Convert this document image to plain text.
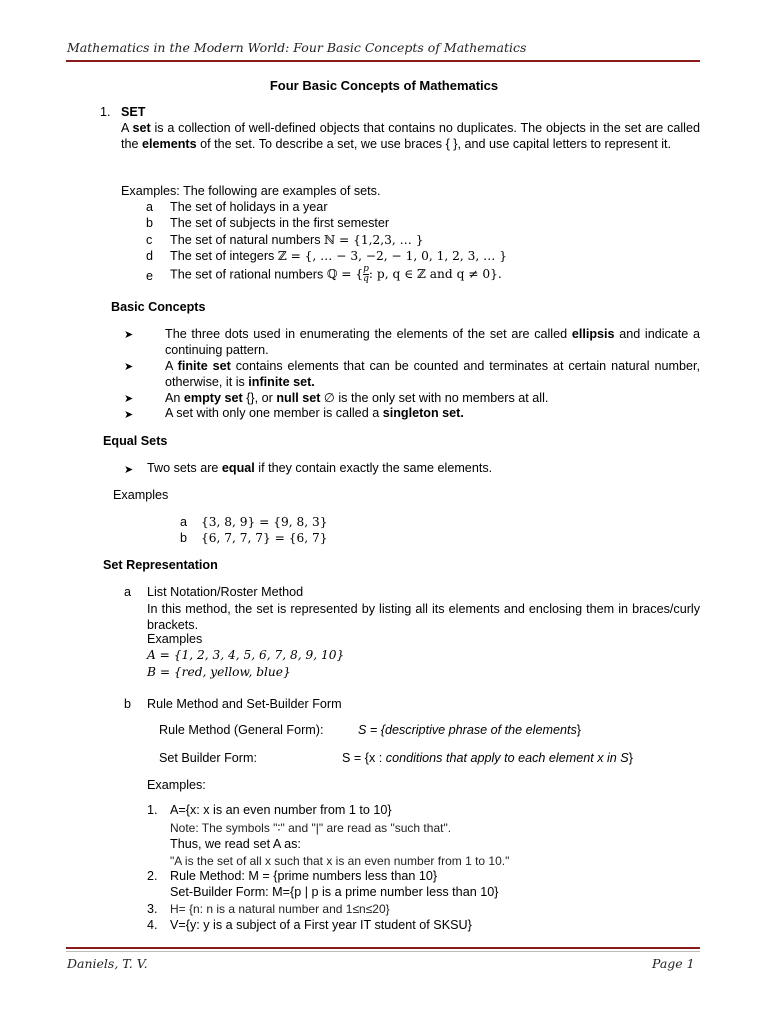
Mathematics in the Modern World: Four Basic Concepts of Mathematics
Four Basic Concepts of Mathematics
1. SET
A set is a collection of well-defined objects that contains no duplicates. The objects in the set are called the elements of the set. To describe a set, we use braces { }, and use capital letters to represent it.
Examples: The following are examples of sets.
a The set of holidays in a year
b The set of subjects in the first semester
c The set of natural numbers ℕ = {1,2,3, … }
d The set of integers ℤ = {, … − 3, −2, − 1, 0, 1, 2, 3, … }
e The set of rational numbers ℚ = { $\frac{p}{q}$ : p, q ∈ ℤ and q ≠ 0}.
Basic Concepts
➤	The three dots used in enumerating the elements of the set are called ellipsis and indicate a continuing pattern.
➤	A finite set contains elements that can be counted and terminates at certain natural number, otherwise, it is infinite set.
➤	An empty set {}, or null set ∅ is the only set with no members at all.
➤	A set with only one member is called a singleton set.
Equal Sets
➤ Two sets are equal if they contain exactly the same elements.
Examples
a {3, 8, 9} = {9, 8, 3}
b {6, 7, 7, 7} = {6, 7}
Set Representation
a List Notation/Roster Method
In this method, the set is represented by listing all its elements and enclosing them in braces/curly brackets.
Examples
A = {1, 2, 3, 4, 5, 6, 7, 8, 9, 10}
B = {red, yellow, blue}
b Rule Method and Set-Builder Form
Rule Method (General Form):	S = {descriptive phrase of the elements}
Set Builder Form:	S = {x : conditions that apply to each element x in S}
Examples:
1. A={x: x is an even number from 1 to 10}
Note: The symbols "∶" and "|" are read as "such that".
Thus, we read set A as:
"A is the set of all x such that x is an even number from 1 to 10."
2. Rule Method: M = {prime numbers less than 10}
Set-Builder Form: M={p | p is a prime number less than 10}
3. H= {n: n is a natural number and 1≤n≤20}
4. V={y: y is a subject of a First year IT student of SKSU}
Daniels, T. V.	Page 1
